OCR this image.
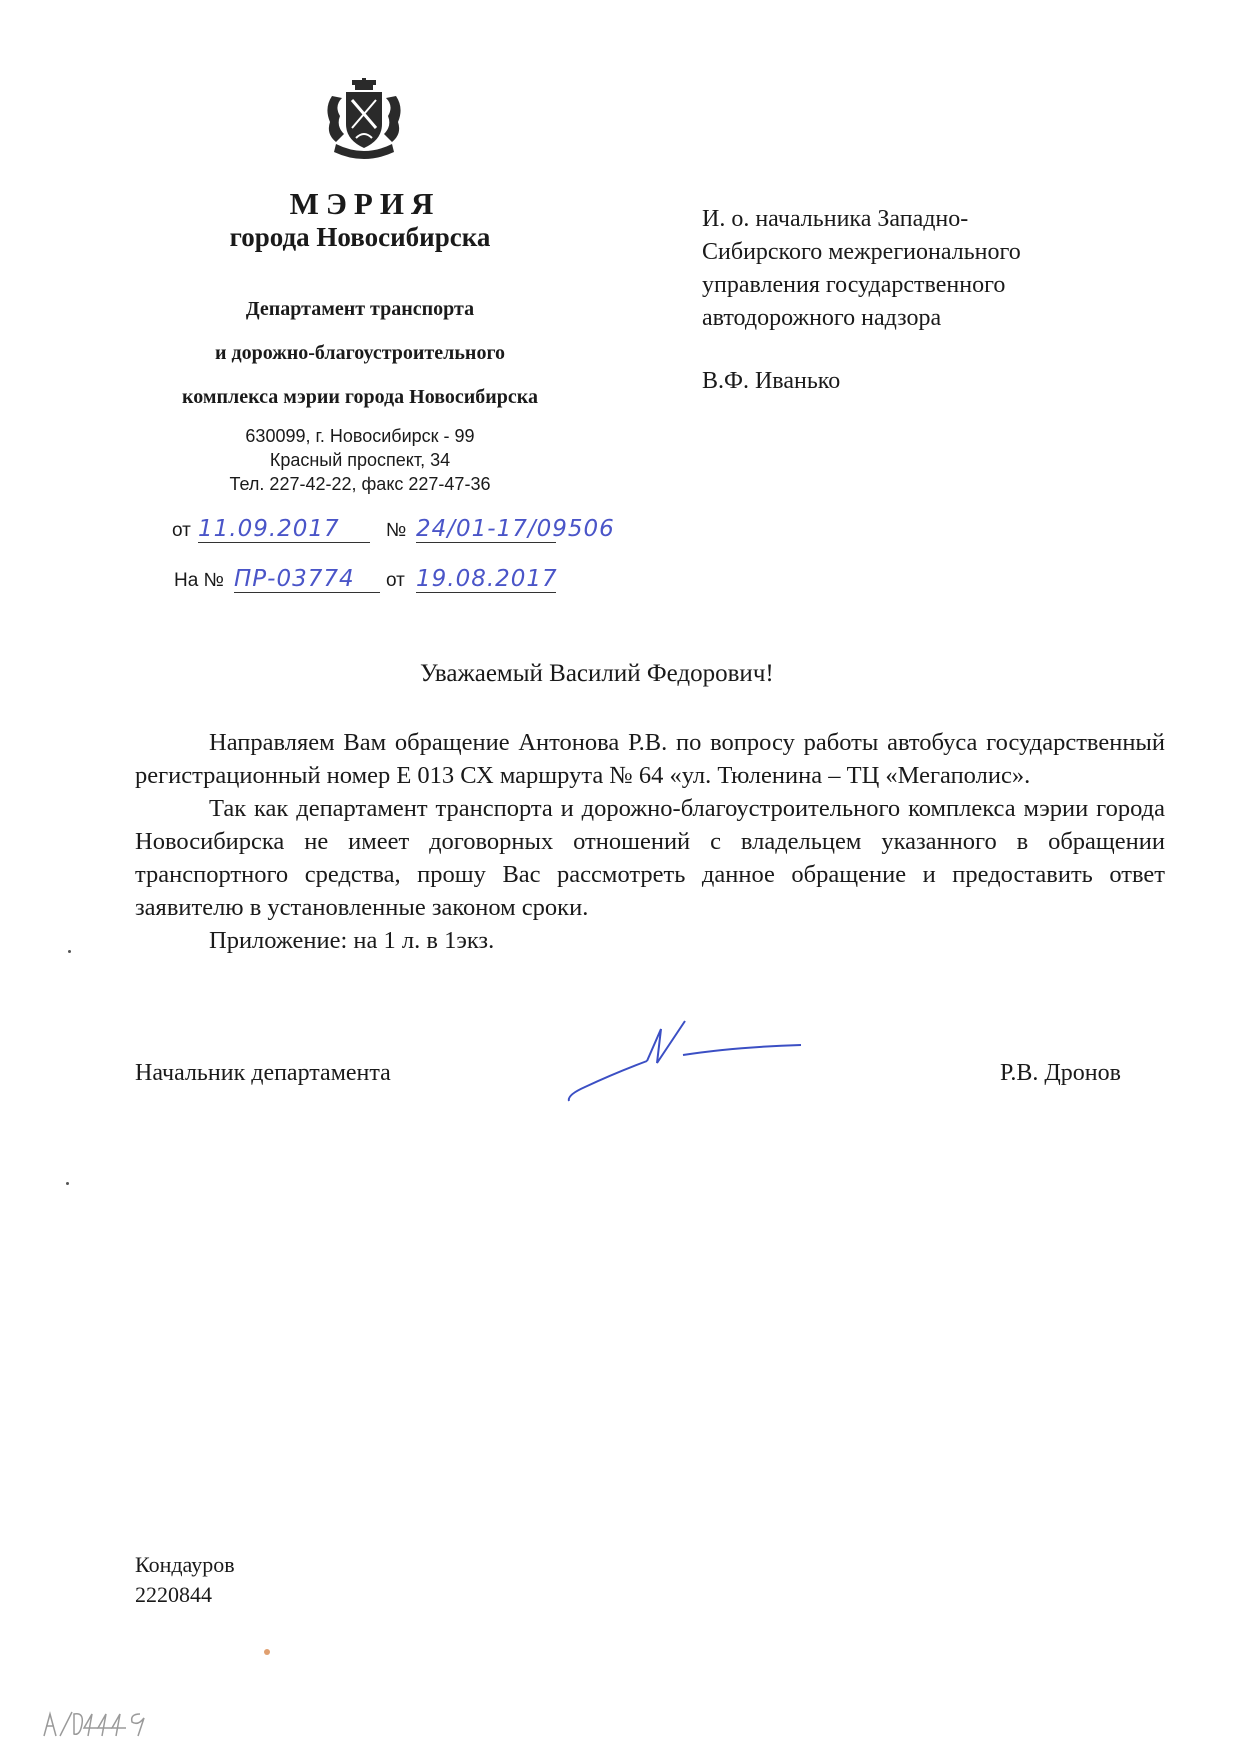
МЭРИЯ
города Новосибирска
Департамент транспорта
и дорожно-благоустроительного
комплекса мэрии города Новосибирска
630099, г. Новосибирск - 99
Красный проспект, 34
Тел. 227-42-22, факс 227-47-36
от 11.09.2017	№ 24/01-17/09506
На № ПР-03774	от 19.08.2017
И. о. начальника Западно-
Сибирского межрегионального
управления государственного
автодорожного надзора
В.Ф. Иванько
Уважаемый Василий Федорович!

Направляем Вам обращение Антонова Р.В. по вопросу работы автобуса государственный регистрационный номер Е 013 СХ маршрута № 64 «ул. Тюленина – ТЦ «Мегаполис».

Так как департамент транспорта и дорожно-благоустроительного комплекса мэрии города Новосибирска не имеет договорных отношений с владельцем указанного в обращении транспортного средства, прошу Вас рассмотреть данное обращение и предоставить ответ заявителю в установленные законом сроки.

Приложение: на 1 л. в 1экз.

Начальник департамента	Р.В. Дронов
Кондауров
2220844
